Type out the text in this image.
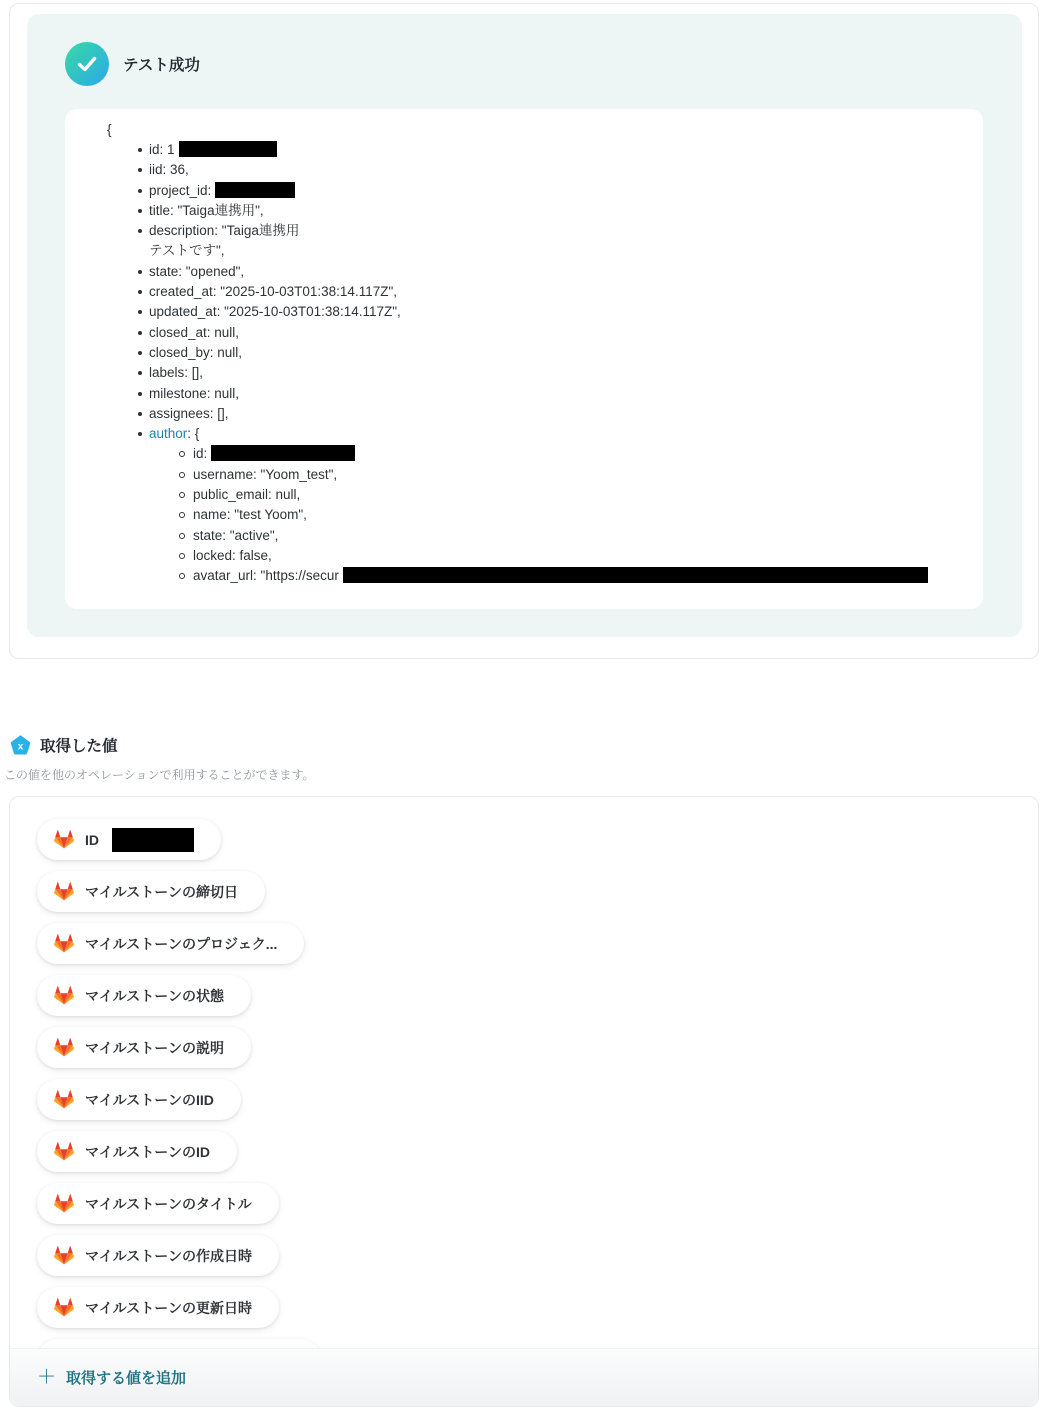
テスト成功
{
id: 1
iid: 36,
project_id:
title: "Taiga連携用",
description: "Taiga連携用
テストです",
state: "opened",
created_at: "2025-10-03T01:38:14.117Z",
updated_at: "2025-10-03T01:38:14.117Z",
closed_at: null,
closed_by: null,
labels: [],
milestone: null,
assignees: [],
author: {
id:
username: "Yoom_test",
public_email: null,
name: "test Yoom",
state: "active",
locked: false,
avatar_url: "https://secur
x 取得した値

この値を他のオペレーションで利用することができます。

ID
マイルストーンの締切日
マイルストーンのプロジェク...
マイルストーンの状態
マイルストーンの説明
マイルストーンのIID
マイルストーンのID
マイルストーンのタイトル
マイルストーンの作成日時
マイルストーンの更新日時
＋ 取得する値を追加
